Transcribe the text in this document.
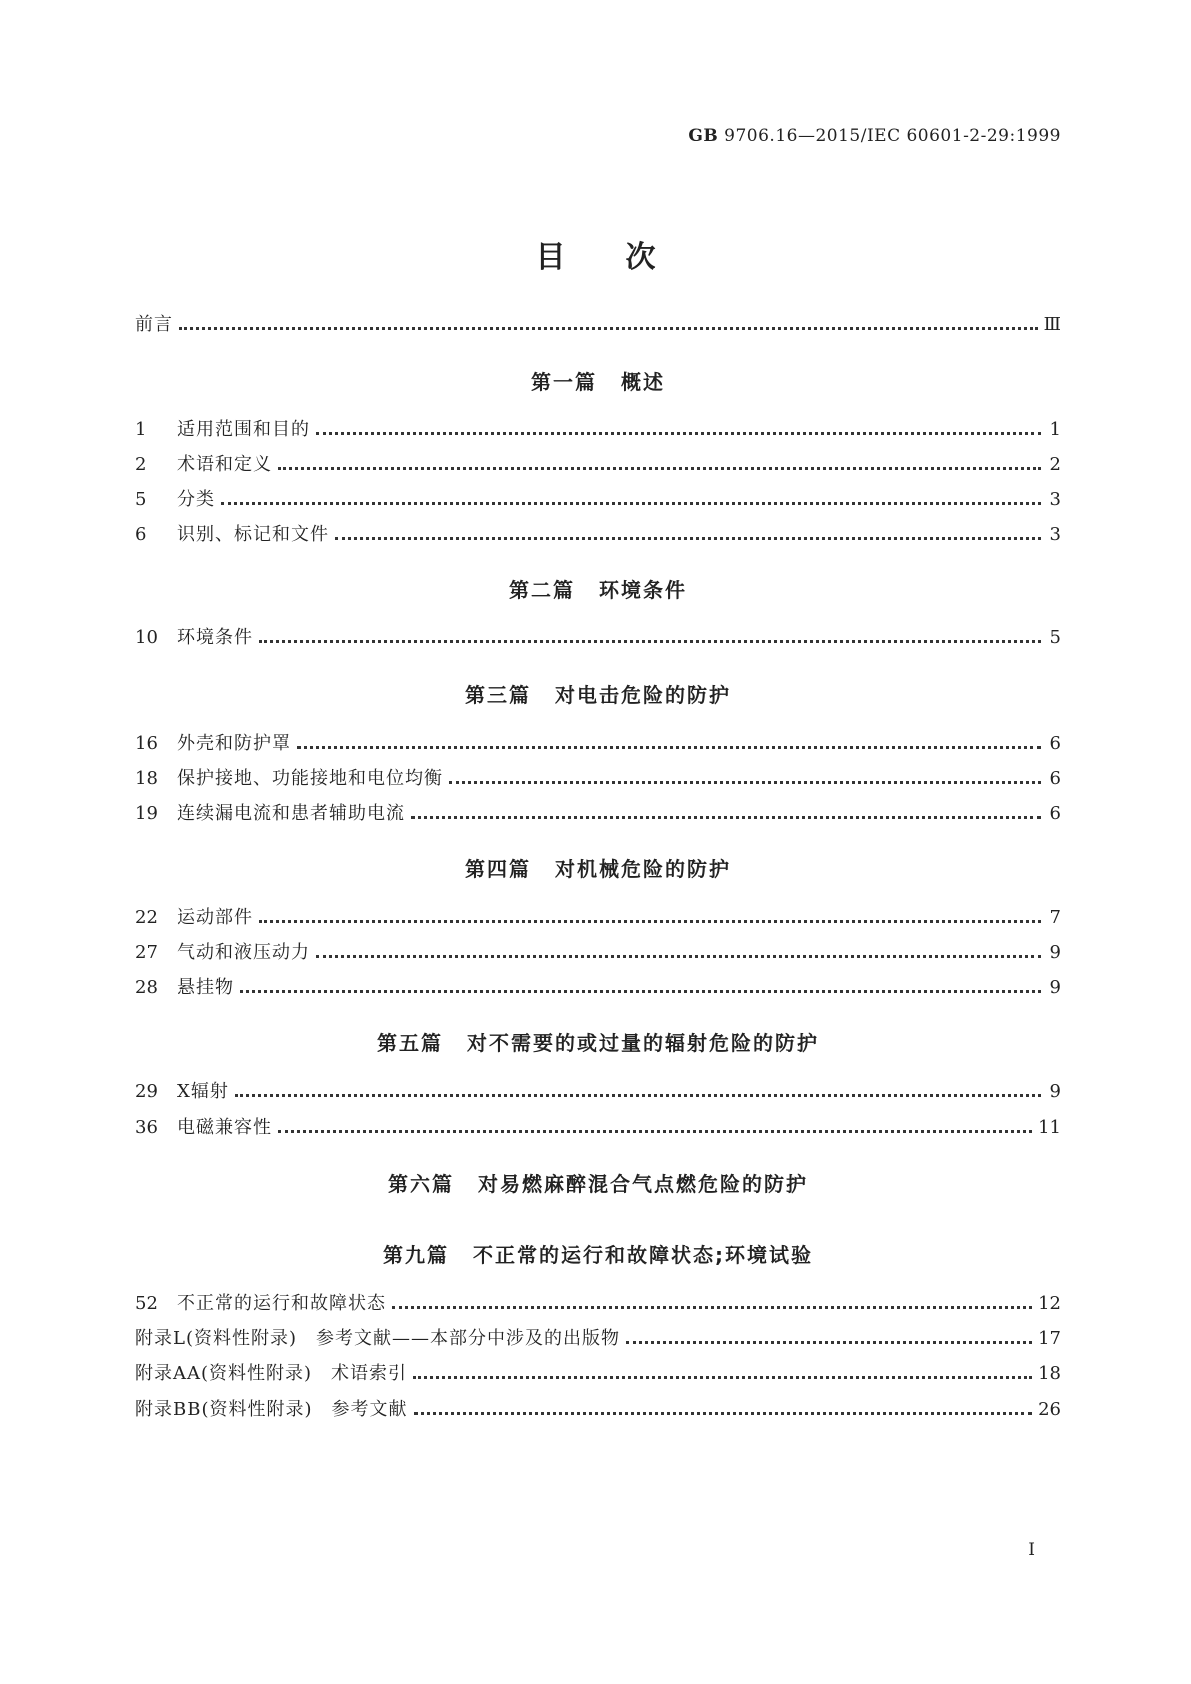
GB 9706.16—2015/IEC 60601-2-29:1999
目次
前言	Ⅲ
第一篇 概述
1	适用范围和目的	1
2	术语和定义	2
5	分类	3
6	识别、标记和文件	3
第二篇 环境条件
10	环境条件	5
第三篇 对电击危险的防护
16	外壳和防护罩	6
18	保护接地、功能接地和电位均衡	6
19	连续漏电流和患者辅助电流	6
第四篇 对机械危险的防护
22	运动部件	7
27	气动和液压动力	9
28	悬挂物	9
第五篇 对不需要的或过量的辐射危险的防护
29	X辐射	9
36	电磁兼容性	11
第六篇 对易燃麻醉混合气点燃危险的防护
第九篇 不正常的运行和故障状态;环境试验
52	不正常的运行和故障状态	12
附录L(资料性附录)　参考文献——本部分中涉及的出版物	17
附录AA(资料性附录)　术语索引	18
附录BB(资料性附录)　参考文献	26
I
